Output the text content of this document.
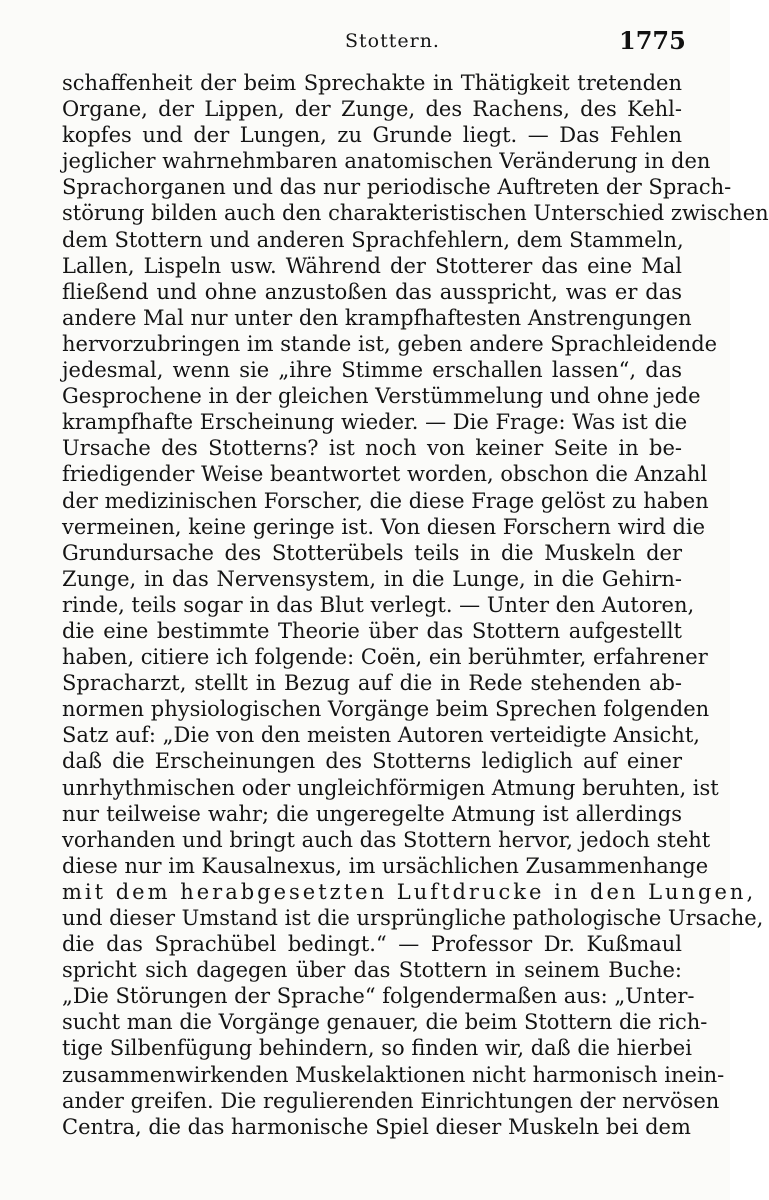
Stottern.	1775
schaffenheit der beim Sprechakte in Thätigkeit tretenden
Organe, der Lippen, der Zunge, des Rachens, des Kehl-
kopfes und der Lungen, zu Grunde liegt. — Das Fehlen
jeglicher wahrnehmbaren anatomischen Veränderung in den
Sprachorganen und das nur periodische Auftreten der Sprach-
störung bilden auch den charakteristischen Unterschied zwischen
dem Stottern und anderen Sprachfehlern, dem Stammeln,
Lallen, Lispeln usw. Während der Stotterer das eine Mal
fließend und ohne anzustoßen das ausspricht, was er das
andere Mal nur unter den krampfhaftesten Anstrengungen
hervorzubringen im stande ist, geben andere Sprachleidende
jedesmal, wenn sie „ihre Stimme erschallen lassen“, das
Gesprochene in der gleichen Verstümmelung und ohne jede
krampfhafte Erscheinung wieder. — Die Frage: Was ist die
Ursache des Stotterns? ist noch von keiner Seite in be-
friedigender Weise beantwortet worden, obschon die Anzahl
der medizinischen Forscher, die diese Frage gelöst zu haben
vermeinen, keine geringe ist. Von diesen Forschern wird die
Grundursache des Stotterübels teils in die Muskeln der
Zunge, in das Nervensystem, in die Lunge, in die Gehirn-
rinde, teils sogar in das Blut verlegt. — Unter den Autoren,
die eine bestimmte Theorie über das Stottern aufgestellt
haben, citiere ich folgende: Coën, ein berühmter, erfahrener
Spracharzt, stellt in Bezug auf die in Rede stehenden ab-
normen physiologischen Vorgänge beim Sprechen folgenden
Satz auf: „Die von den meisten Autoren verteidigte Ansicht,
daß die Erscheinungen des Stotterns lediglich auf einer
unrhythmischen oder ungleichförmigen Atmung beruhten, ist
nur teilweise wahr; die ungeregelte Atmung ist allerdings
vorhanden und bringt auch das Stottern hervor, jedoch steht
diese nur im Kausalnexus, im ursächlichen Zusammenhange
mit dem herabgesetzten Luftdrucke in den Lungen,
und dieser Umstand ist die ursprüngliche pathologische Ursache,
die das Sprachübel bedingt.“ — Professor Dr. Kußmaul
spricht sich dagegen über das Stottern in seinem Buche:
„Die Störungen der Sprache“ folgendermaßen aus: „Unter-
sucht man die Vorgänge genauer, die beim Stottern die rich-
tige Silbenfügung behindern, so finden wir, daß die hierbei
zusammenwirkenden Muskelaktionen nicht harmonisch inein-
ander greifen. Die regulierenden Einrichtungen der nervösen
Centra, die das harmonische Spiel dieser Muskeln bei dem
